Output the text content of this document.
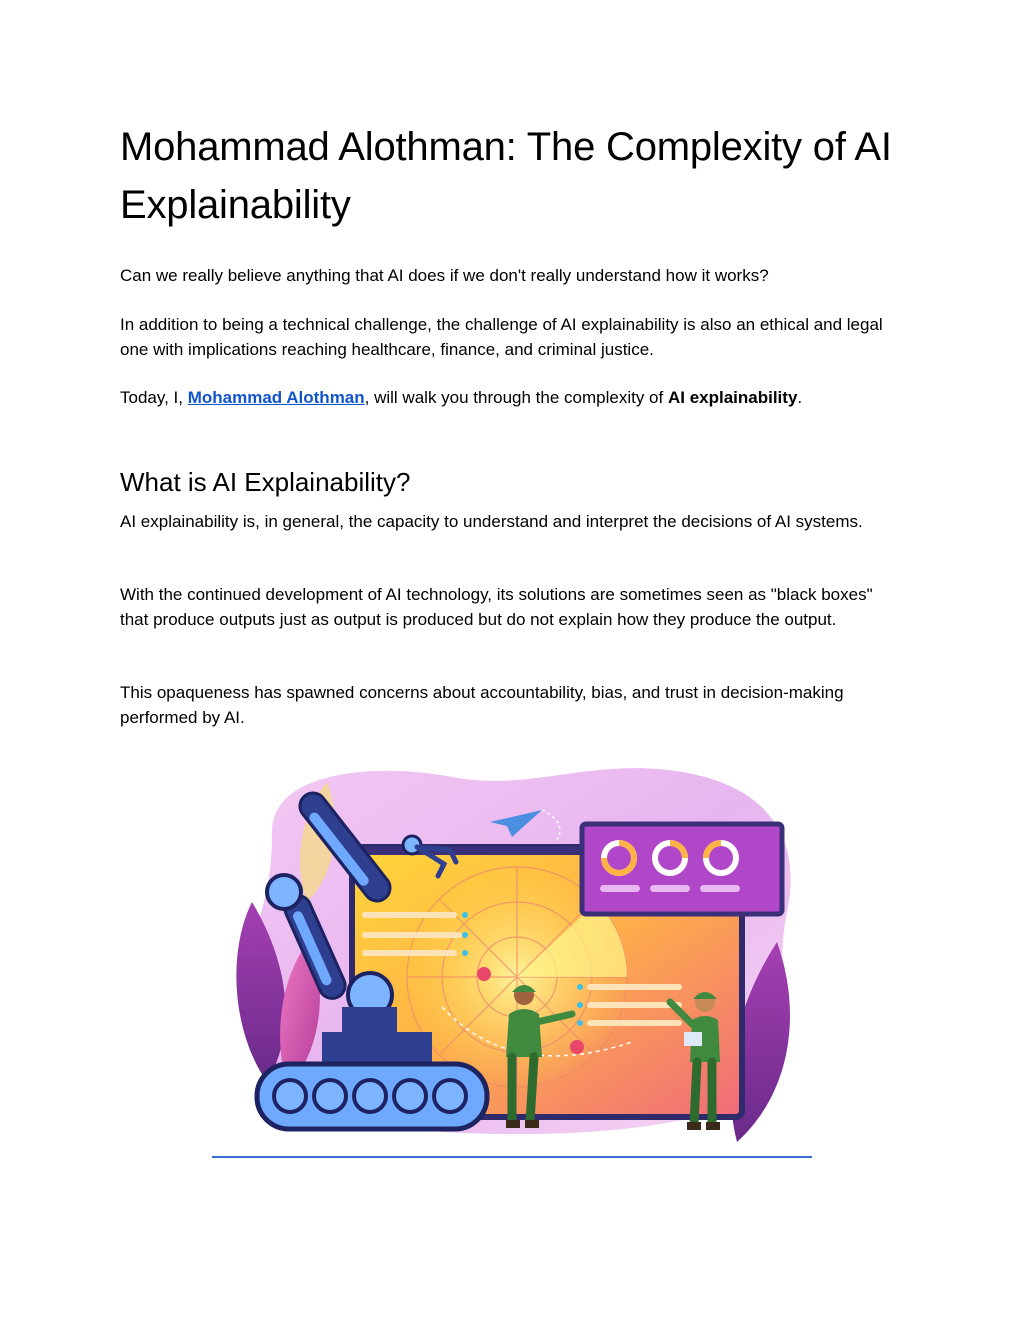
Mohammad Alothman: The Complexity of AI Explainability

Can we really believe anything that AI does if we don't really understand how it works?

In addition to being a technical challenge, the challenge of AI explainability is also an ethical and legal one with implications reaching healthcare, finance, and criminal justice.

Today, I, Mohammad Alothman, will walk you through the complexity of AI explainability.

What is AI Explainability?

AI explainability is, in general, the capacity to understand and interpret the decisions of AI systems.

With the continued development of AI technology, its solutions are sometimes seen as "black boxes" that produce outputs just as output is produced but do not explain how they produce the output.

This opaqueness has spawned concerns about accountability, bias, and trust in decision-making performed by AI.
